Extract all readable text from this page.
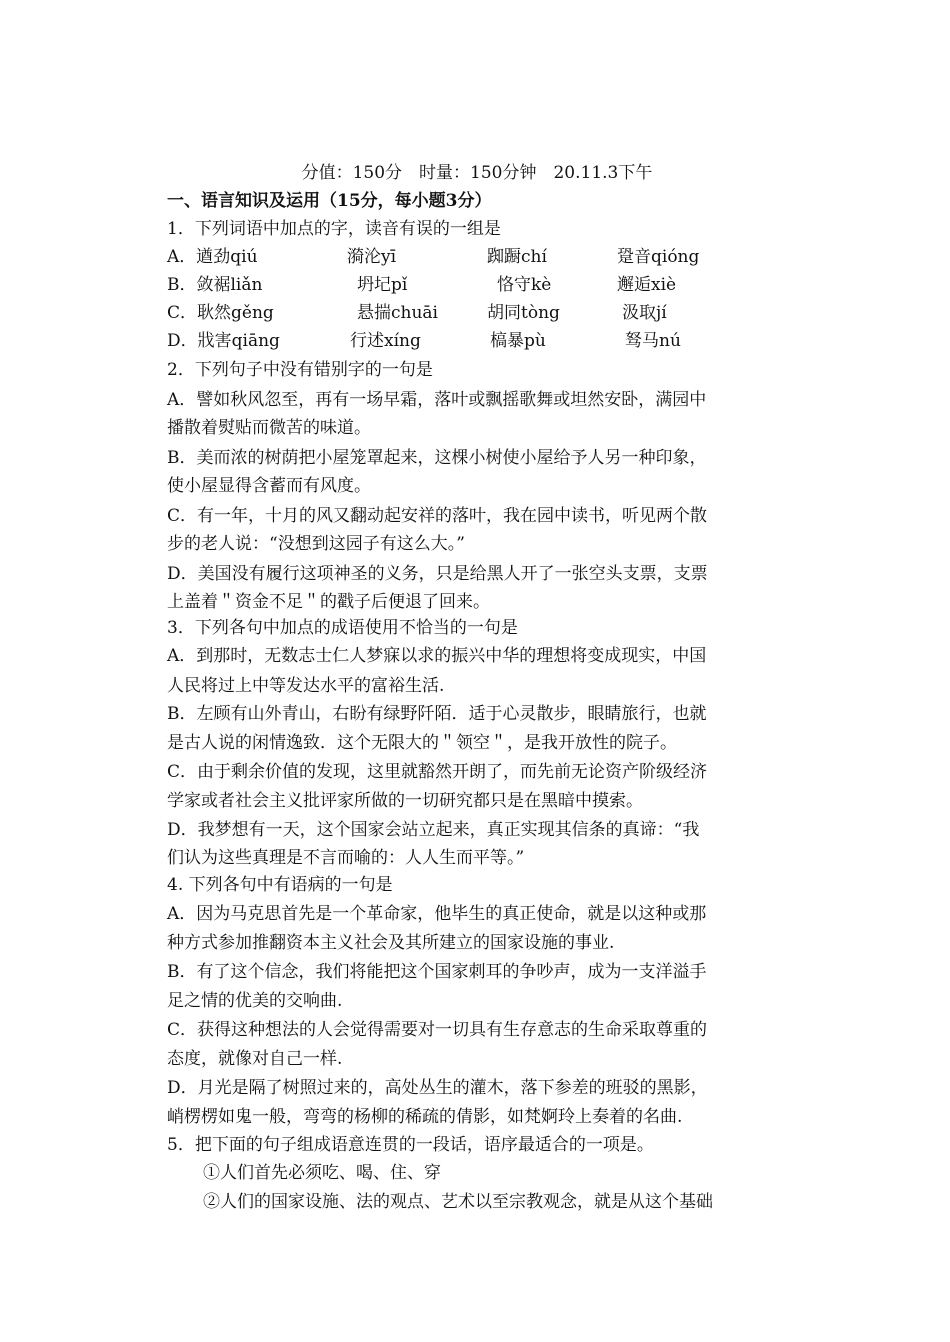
分值：150分　时量：150分钟　20.11.3下午
一、语言知识及运用（15分，每小题3分）
1．下列词语中加点的字，读音有误的一组是
A．遒劲qiú	漪沦yī	踟蹰chí	跫音qióng
B．敛裾liǎn	坍圮pǐ	恪守kè	邂逅xiè
C．耿然gěng	悬揣chuāi	胡同tòng	汲取jí
D．戕害qiāng	行述xíng	槁暴pù	驽马nú
2．下列句子中没有错别字的一句是
A．譬如秋风忽至，再有一场早霜，落叶或飘摇歌舞或坦然安卧，满园中
播散着熨贴而微苦的味道。
B．美而浓的树荫把小屋笼罩起来，这棵小树使小屋给予人另一种印象，
使小屋显得含蓄而有风度。
C．有一年，十月的风又翻动起安祥的落叶，我在园中读书，听见两个散
步的老人说：“没想到这园子有这么大。”
D．美国没有履行这项神圣的义务，只是给黑人开了一张空头支票，支票
上盖着＂资金不足＂的戳子后便退了回来。
3．下列各句中加点的成语使用不恰当的一句是
A．到那时，无数志士仁人梦寐以求的振兴中华的理想将变成现实，中国
人民将过上中等发达水平的富裕生活.
B．左顾有山外青山，右盼有绿野阡陌．适于心灵散步，眼睛旅行，也就
是古人说的闲情逸致．这个无限大的＂领空＂，是我开放性的院子。
C．由于剩余价值的发现，这里就豁然开朗了，而先前无论资产阶级经济
学家或者社会主义批评家所做的一切研究都只是在黑暗中摸索。
D．我梦想有一天，这个国家会站立起来，真正实现其信条的真谛：“我
们认为这些真理是不言而喻的：人人生而平等。”
4. 下列各句中有语病的一句是
A．因为马克思首先是一个革命家，他毕生的真正使命，就是以这种或那
种方式参加推翻资本主义社会及其所建立的国家设施的事业.
B．有了这个信念，我们将能把这个国家刺耳的争吵声，成为一支洋溢手
足之情的优美的交响曲.
C．获得这种想法的人会觉得需要对一切具有生存意志的生命采取尊重的
态度，就像对自己一样.
D．月光是隔了树照过来的，高处丛生的灌木，落下参差的班驳的黑影，
峭楞楞如鬼一般，弯弯的杨柳的稀疏的倩影，如梵婀玲上奏着的名曲.
5．把下面的句子组成语意连贯的一段话，语序最适合的一项是。
①人们首先必须吃、喝、住、穿
②人们的国家设施、法的观点、艺术以至宗教观念，就是从这个基础
